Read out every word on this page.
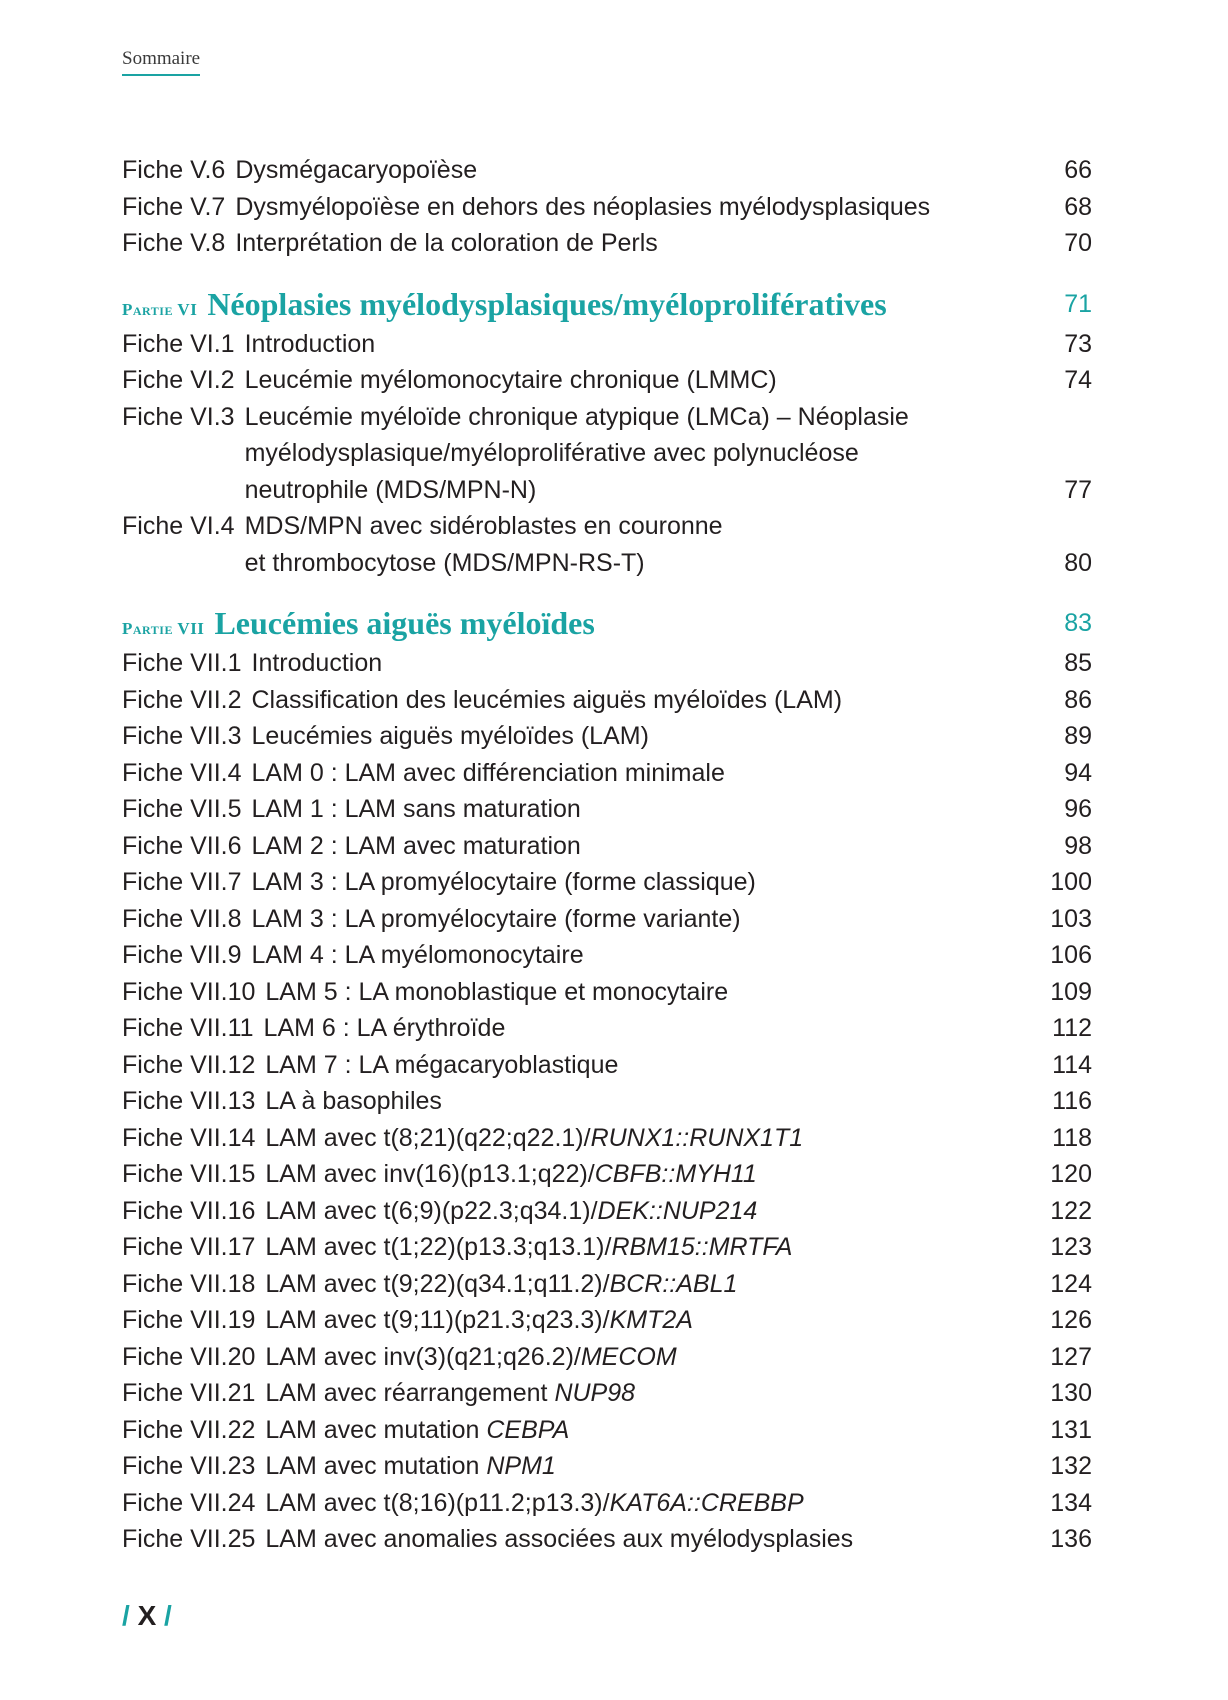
Sommaire
Fiche V.6 Dysmégacaryopoïèse	66
Fiche V.7 Dysmyélopoïèse en dehors des néoplasies myélodysplasiques	68
Fiche V.8 Interprétation de la coloration de Perls	70
Partie VI Néoplasies myélodysplasiques/myéloprolifératives	71
Fiche VI.1 Introduction	73
Fiche VI.2 Leucémie myélomonocytaire chronique (LMMC)	74
Fiche VI.3 Leucémie myéloïde chronique atypique (LMCa) – Néoplasie
myélodysplasique/myéloproliférative avec polynucléose
neutrophile (MDS/MPN-N)	77
Fiche VI.4 MDS/MPN avec sidéroblastes en couronne
et thrombocytose (MDS/MPN-RS-T)	80
Partie VII Leucémies aiguës myéloïdes	83
Fiche VII.1 Introduction	85
Fiche VII.2 Classification des leucémies aiguës myéloïdes (LAM)	86
Fiche VII.3 Leucémies aiguës myéloïdes (LAM)	89
Fiche VII.4 LAM 0 : LAM avec différenciation minimale	94
Fiche VII.5 LAM 1 : LAM sans maturation	96
Fiche VII.6 LAM 2 : LAM avec maturation	98
Fiche VII.7 LAM 3 : LA promyélocytaire (forme classique)	100
Fiche VII.8 LAM 3 : LA promyélocytaire (forme variante)	103
Fiche VII.9 LAM 4 : LA myélomonocytaire	106
Fiche VII.10 LAM 5 : LA monoblastique et monocytaire	109
Fiche VII.11 LAM 6 : LA érythroïde	112
Fiche VII.12 LAM 7 : LA mégacaryoblastique	114
Fiche VII.13 LA à basophiles	116
Fiche VII.14 LAM avec t(8;21)(q22;q22.1)/RUNX1::RUNX1T1	118
Fiche VII.15 LAM avec inv(16)(p13.1;q22)/CBFB::MYH11	120
Fiche VII.16 LAM avec t(6;9)(p22.3;q34.1)/DEK::NUP214	122
Fiche VII.17 LAM avec t(1;22)(p13.3;q13.1)/RBM15::MRTFA	123
Fiche VII.18 LAM avec t(9;22)(q34.1;q11.2)/BCR::ABL1	124
Fiche VII.19 LAM avec t(9;11)(p21.3;q23.3)/KMT2A	126
Fiche VII.20 LAM avec inv(3)(q21;q26.2)/MECOM	127
Fiche VII.21 LAM avec réarrangement NUP98	130
Fiche VII.22 LAM avec mutation CEBPA	131
Fiche VII.23 LAM avec mutation NPM1	132
Fiche VII.24 LAM avec t(8;16)(p11.2;p13.3)/KAT6A::CREBBP	134
Fiche VII.25 LAM avec anomalies associées aux myélodysplasies	136
/ X /
